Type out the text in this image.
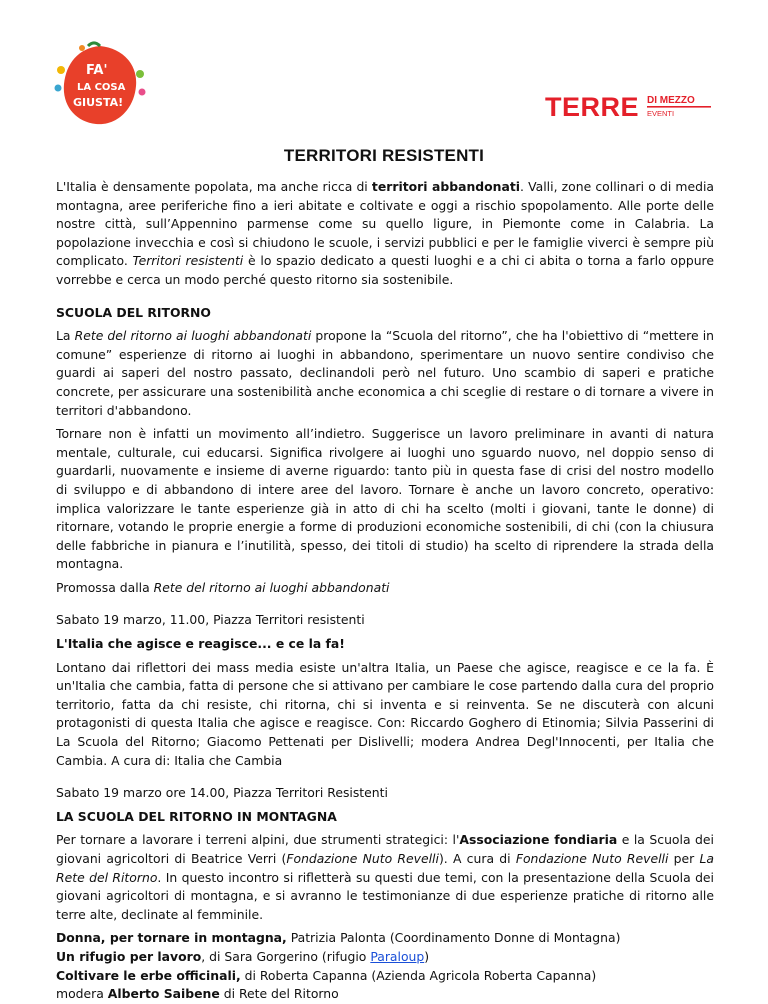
FA'
LA COSA
GIUSTA!	TERRE DI MEZZO
EVENTI
TERRITORI RESISTENTI

L'Italia è densamente popolata, ma anche ricca di territori abbandonati. Valli, zone collinari o di media montagna, aree periferiche fino a ieri abitate e coltivate e oggi a rischio spopolamento. Alle porte delle nostre città, sull’Appennino parmense come su quello ligure, in Piemonte come in Calabria. La popolazione invecchia e così si chiudono le scuole, i servizi pubblici e per le famiglie viverci è sempre più complicato. Territori resistenti è lo spazio dedicato a questi luoghi e a chi ci abita o torna a farlo oppure vorrebbe e cerca un modo perché questo ritorno sia sostenibile.

SCUOLA DEL RITORNO

La Rete del ritorno ai luoghi abbandonati propone la “Scuola del ritorno”, che ha l'obiettivo di “mettere in comune” esperienze di ritorno ai luoghi in abbandono, sperimentare un nuovo sentire condiviso che guardi ai saperi del nostro passato, declinandoli però nel futuro. Uno scambio di saperi e pratiche concrete, per assicurare una sostenibilità anche economica a chi sceglie di restare o di tornare a vivere in territori d'abbandono.

Tornare non è infatti un movimento all’indietro. Suggerisce un lavoro preliminare in avanti di natura mentale, culturale, cui educarsi. Significa rivolgere ai luoghi uno sguardo nuovo, nel doppio senso di guardarli, nuovamente e insieme di averne riguardo: tanto più in questa fase di crisi del nostro modello di sviluppo e di abbandono di intere aree del lavoro. Tornare è anche un lavoro concreto, operativo: implica valorizzare le tante esperienze già in atto di chi ha scelto (molti i giovani, tante le donne) di ritornare, votando le proprie energie a forme di produzioni economiche sostenibili, di chi (con la chiusura delle fabbriche in pianura e l’inutilità, spesso, dei titoli di studio) ha scelto di riprendere la strada della montagna.

Promossa dalla Rete del ritorno ai luoghi abbandonati

Sabato 19 marzo, 11.00, Piazza Territori resistenti

L'Italia che agisce e reagisce... e ce la fa!

Lontano dai riflettori dei mass media esiste un'altra Italia, un Paese che agisce, reagisce e ce la fa. È un'Italia che cambia, fatta di persone che si attivano per cambiare le cose partendo dalla cura del proprio territorio, fatta da chi resiste, chi ritorna, chi si inventa e si reinventa. Se ne discuterà con alcuni protagonisti di questa Italia che agisce e reagisce. Con: Riccardo Goghero di Etinomia; Silvia Passerini di La Scuola del Ritorno; Giacomo Pettenati per Dislivelli; modera Andrea Degl'Innocenti, per Italia che Cambia. A cura di: Italia che Cambia

Sabato 19 marzo ore 14.00, Piazza Territori Resistenti

LA SCUOLA DEL RITORNO IN MONTAGNA

Per tornare a lavorare i terreni alpini, due strumenti strategici: l'Associazione fondiaria e la Scuola dei giovani agricoltori di Beatrice Verri (Fondazione Nuto Revelli). A cura di Fondazione Nuto Revelli per La Rete del Ritorno. In questo incontro si rifletterà su questi due temi, con la presentazione della Scuola dei giovani agricoltori di montagna, e si avranno le testimonianze di due esperienze pratiche di ritorno alle terre alte, declinate al femminile.

Donna, per tornare in montagna, Patrizia Palonta (Coordinamento Donne di Montagna)

Un rifugio per lavoro, di Sara Gorgerino (rifugio Paraloup)

Coltivare le erbe officinali, di Roberta Capanna (Azienda Agricola Roberta Capanna)

modera Alberto Saibene di Rete del Ritorno
